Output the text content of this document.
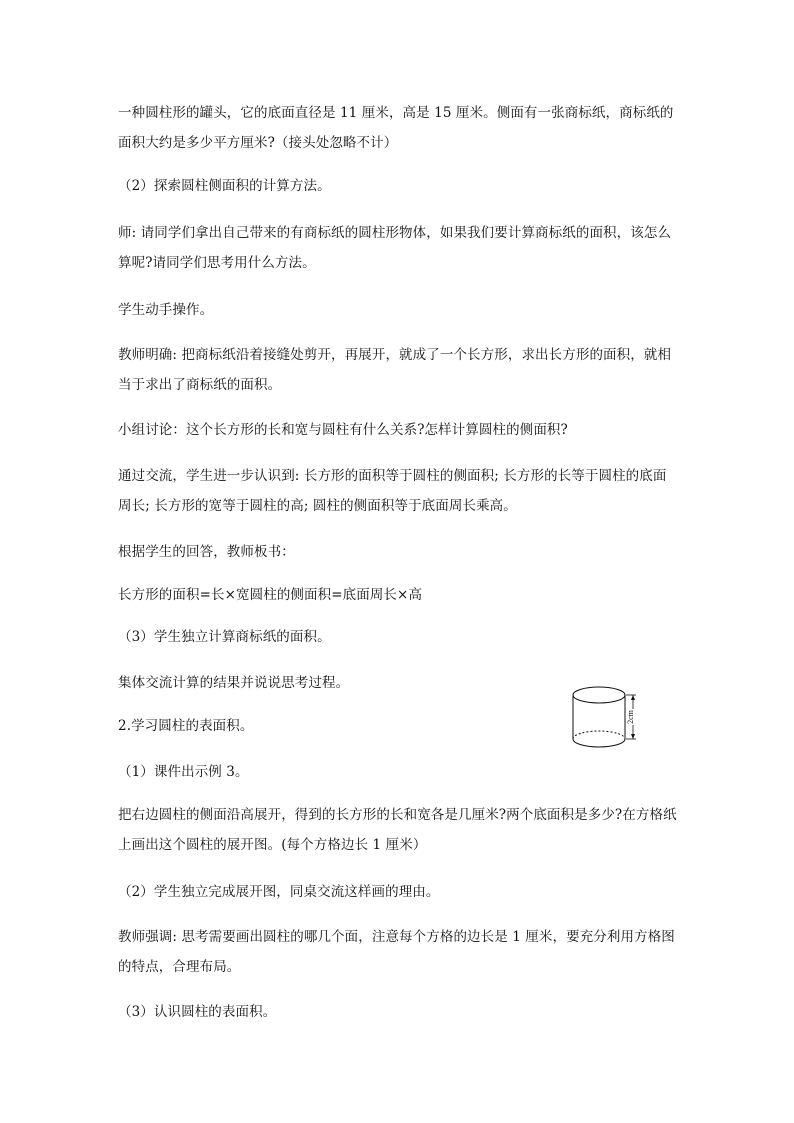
一种圆柱形的罐头，它的底面直径是 11 厘米，高是 15 厘米。侧面有一张商标纸，商标纸的面积大约是多少平方厘米?（接头处忽略不计）
（2）探索圆柱侧面积的计算方法。
师: 请同学们拿出自己带来的有商标纸的圆柱形物体，如果我们要计算商标纸的面积，该怎么算呢?请同学们思考用什么方法。
学生动手操作。
教师明确: 把商标纸沿着接缝处剪开，再展开，就成了一个长方形，求出长方形的面积，就相当于求出了商标纸的面积。
小组讨论：这个长方形的长和宽与圆柱有什么关系?怎样计算圆柱的侧面积?
通过交流，学生进一步认识到: 长方形的面积等于圆柱的侧面积; 长方形的长等于圆柱的底面周长; 长方形的宽等于圆柱的高; 圆柱的侧面积等于底面周长乘高。
根据学生的回答，教师板书：
长方形的面积=长×宽圆柱的侧面积=底面周长×高
（3）学生独立计算商标纸的面积。
集体交流计算的结果并说说思考过程。
2.学习圆柱的表面积。
（1）课件出示例 3。
把右边圆柱的侧面沿高展开，得到的长方形的长和宽各是几厘米?两个底面积是多少?在方格纸上画出这个圆柱的展开图。(每个方格边长 1 厘米）
（2）学生独立完成展开图，同桌交流这样画的理由。
教师强调: 思考需要画出圆柱的哪几个面，注意每个方格的边长是 1 厘米，要充分利用方格图的特点，合理布局。
（3）认识圆柱的表面积。
2cm
